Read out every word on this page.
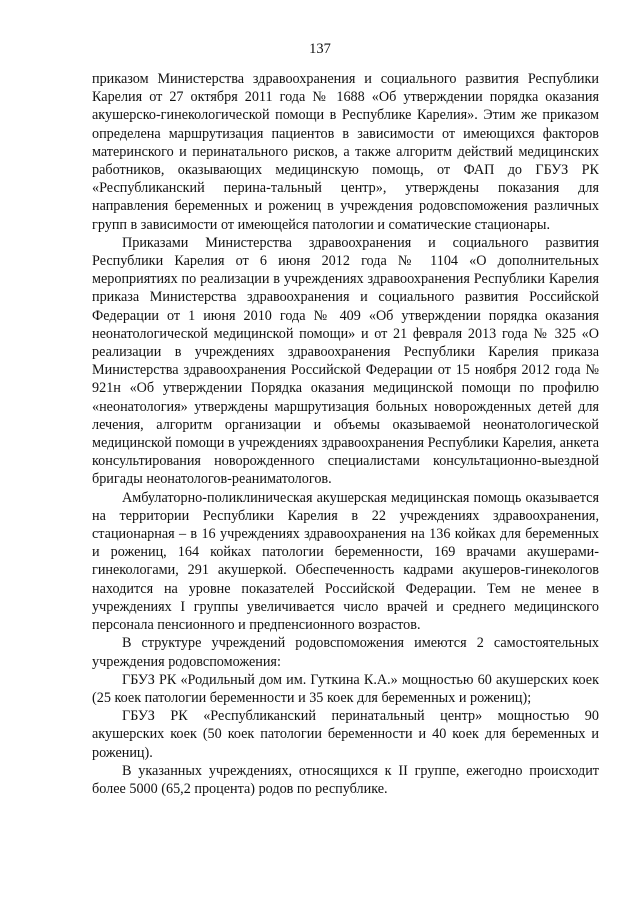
137

приказом Министерства здравоохранения и социального развития Республики Карелия от 27 октября 2011 года № 1688 «Об утверждении порядка оказания акушерско-гинекологической помощи в Республике Карелия». Этим же приказом определена маршрутизация пациентов в зависимости от имеющихся факторов материнского и перинатального рисков, а также алгоритм действий медицинских работников, оказывающих медицинскую помощь, от ФАП до ГБУЗ РК «Республиканский перина-тальный центр», утверждены показания для направления беременных и рожениц в учреждения родовспоможения различных групп в зависимости от имеющейся патологии и соматические стационары.

Приказами Министерства здравоохранения и социального развития Республики Карелия от 6 июня 2012 года № 1104 «О дополнительных мероприятиях по реализации в учреждениях здравоохранения Республики Карелия приказа Министерства здравоохранения и социального развития Российской Федерации от 1 июня 2010 года № 409 «Об утверждении порядка оказания неонатологической медицинской помощи» и от 21 февраля 2013 года № 325 «О реализации в учреждениях здравоохранения Республики Карелия приказа Министерства здравоохранения Российской Федерации от 15 ноября 2012 года № 921н «Об утверждении Порядка оказания медицинской помощи по профилю «неонатология» утверждены маршрутизация больных новорожденных детей для лечения, алгоритм организации и объемы оказываемой неонатологической медицинской помощи в учреждениях здравоохранения Республики Карелия, анкета консультирования новорожденного специалистами консультационно-выездной бригады неонатологов-реаниматологов.

Амбулаторно-поликлиническая акушерская медицинская помощь оказывается на территории Республики Карелия в 22 учреждениях здравоохранения, стационарная – в 16 учреждениях здравоохранения на 136 койках для беременных и рожениц, 164 койках патологии беременности, 169 врачами акушерами-гинекологами, 291 акушеркой. Обеспеченность кадрами акушеров-гинекологов находится на уровне показателей Российской Федерации. Тем не менее в учреждениях I группы увеличивается число врачей и среднего медицинского персонала пенсионного и предпенсионного возрастов.

В структуре учреждений родовспоможения имеются 2 самостоятельных учреждения родовспоможения:

ГБУЗ РК «Родильный дом им. Гуткина К.А.» мощностью 60 акушерских коек (25 коек патологии беременности и 35 коек для беременных и рожениц);

ГБУЗ РК «Республиканский перинатальный центр» мощностью 90 акушерских коек (50 коек патологии беременности и 40 коек для беременных и рожениц).

В указанных учреждениях, относящихся к II группе, ежегодно происходит более 5000 (65,2 процента) родов по республике.
